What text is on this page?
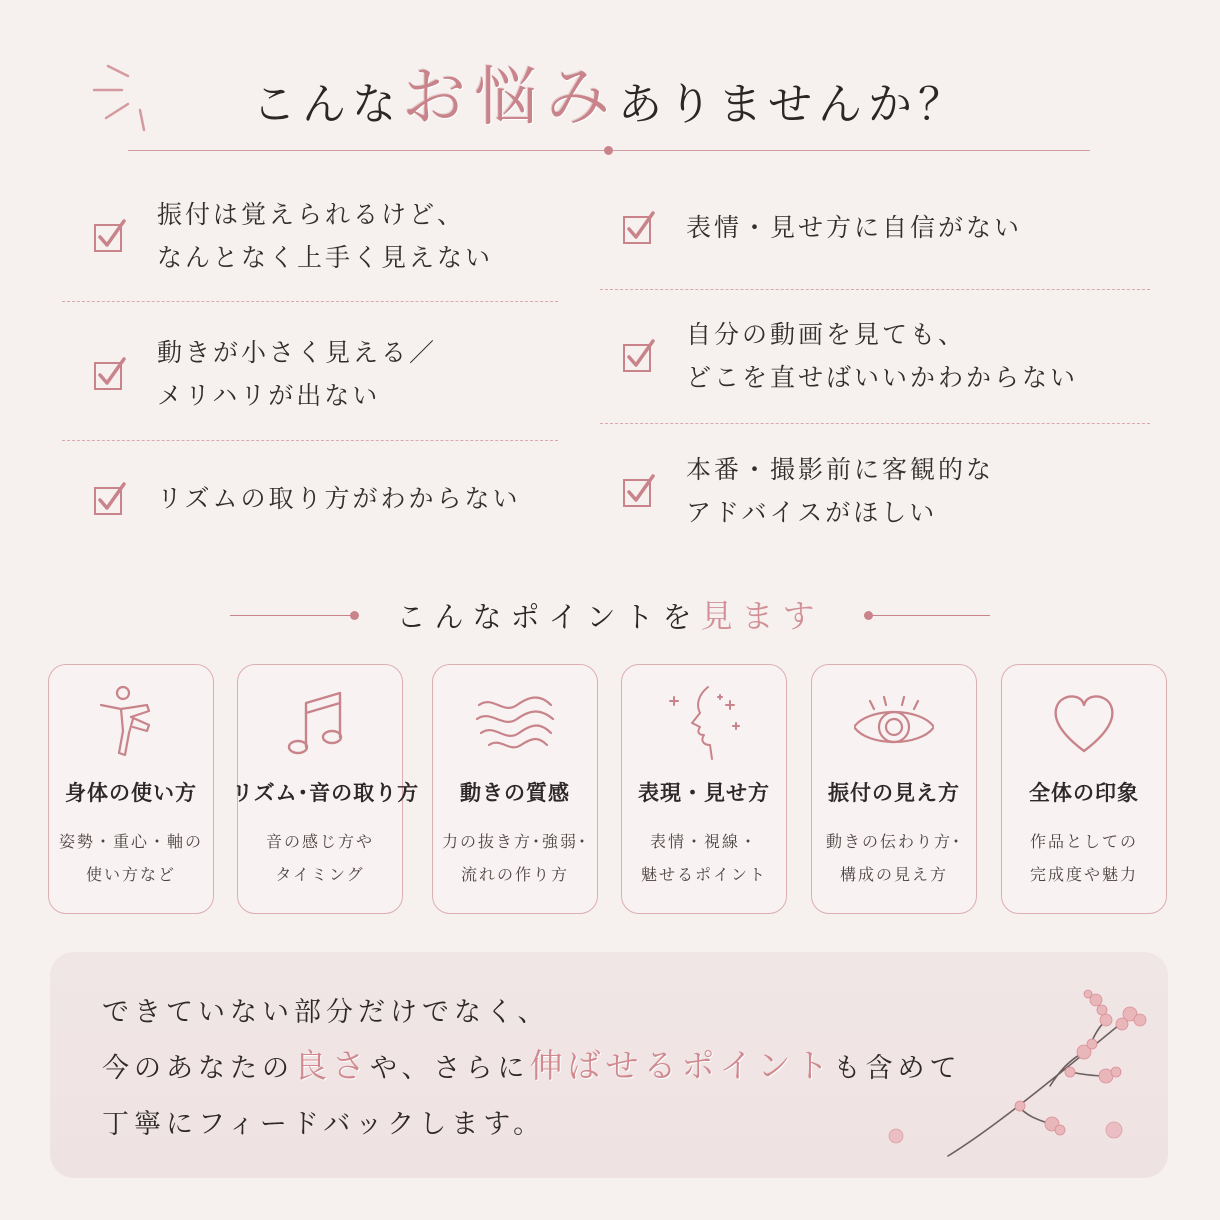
こんなお悩みありませんか？
振付は覚えられるけど、
なんとなく上手く見えない
動きが小さく見える／
メリハリが出ない
リズムの取り方がわからない
表情・見せ方に自信がない
自分の動画を見ても、
どこを直せばいいかわからない
本番・撮影前に客観的な
アドバイスがほしい
こんなポイントを見ます
身体の使い方
姿勢・重心・軸の
使い方など
リズム･音の取り方
音の感じ方や
タイミング
動きの質感
力の抜き方･強弱･
流れの作り方
表現・見せ方
表情・視線・
魅せるポイント
振付の見え方
動きの伝わり方･
構成の見え方
全体の印象
作品としての
完成度や魅力
できていない部分だけでなく、
今のあなたの良さや、さらに伸ばせるポイントも含めて
丁寧にフィードバックします。
